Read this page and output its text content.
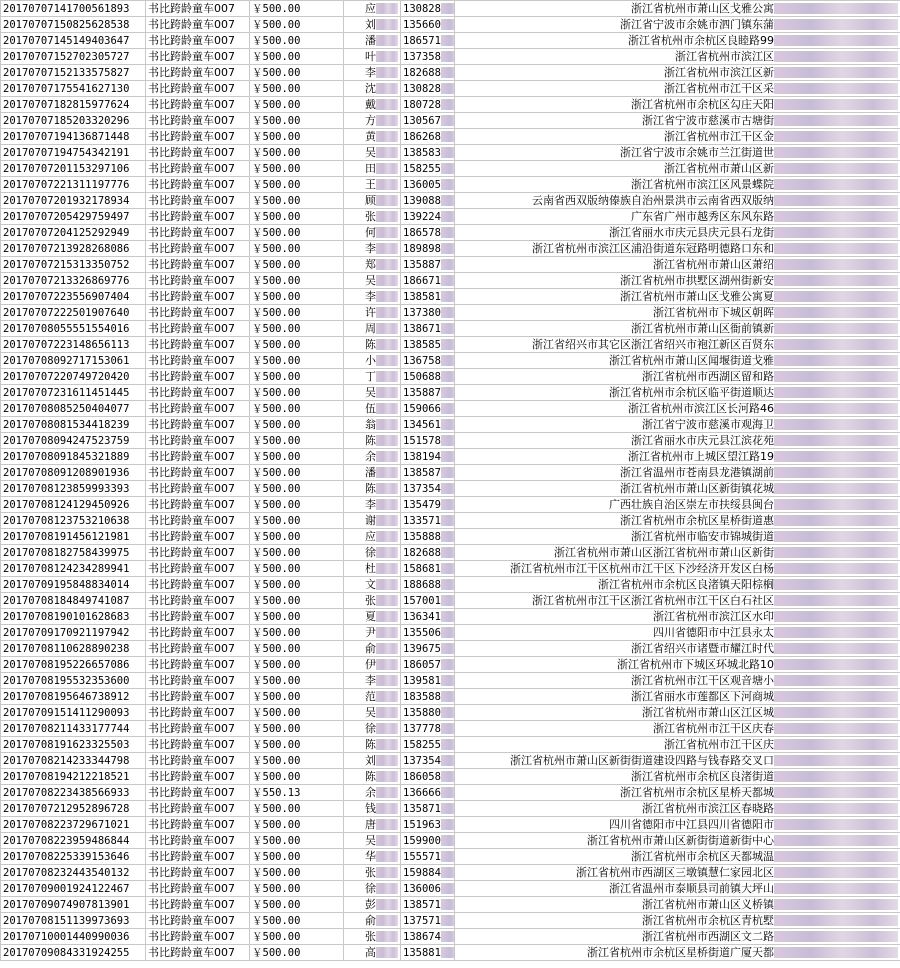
20170707141700561893	书比跨龄童车007	￥500.00	应	130828	浙江省杭州市萧山区戈雅公寓
20170707150825628538	书比跨龄童车007	￥500.00	刘	135660	浙江省宁波市余姚市泗门镇东蒲
20170707145149403647	书比跨龄童车007	￥500.00	潘	186571	浙江省杭州市余杭区良睦路99
20170707152702305727	书比跨龄童车007	￥500.00	叶	137358	浙江省杭州市滨江区
20170707152133575827	书比跨龄童车007	￥500.00	李	182688	浙江省杭州市滨江区新
20170707175541627130	书比跨龄童车007	￥500.00	沈	130828	浙江省杭州市江干区采
20170707182815977624	书比跨龄童车007	￥500.00	戴	180728	浙江省杭州市余杭区勾庄天阳
20170707185203320296	书比跨龄童车007	￥500.00	方	130567	浙江省宁波市慈溪市古塘街
20170707194136871448	书比跨龄童车007	￥500.00	黄	186268	浙江省杭州市江干区金
20170707194754342191	书比跨龄童车007	￥500.00	吴	138583	浙江省宁波市余姚市兰江街道世
20170707201153297106	书比跨龄童车007	￥500.00	田	158255	浙江省杭州市萧山区新
20170707221311197776	书比跨龄童车007	￥500.00	王	136005	浙江省杭州市滨江区风景蝶院
20170707201932178934	书比跨龄童车007	￥500.00	顾	139088	云南省西双版纳傣族自治州景洪市云南省西双版纳
20170707205429759497	书比跨龄童车007	￥500.00	张	139224	广东省广州市越秀区东风东路
20170707204125292949	书比跨龄童车007	￥500.00	何	186578	浙江省丽水市庆元县庆元县石龙街
20170707213928268086	书比跨龄童车007	￥500.00	李	189898	浙江省杭州市滨江区浦沿街道东冠路明德路口东和
20170707215313350752	书比跨龄童车007	￥500.00	郑	135887	浙江省杭州市萧山区萧绍
20170707213326869776	书比跨龄童车007	￥500.00	吴	186671	浙江省杭州市拱墅区湖州街新安
20170707223556907404	书比跨龄童车007	￥500.00	李	138581	浙江省杭州市萧山区戈雅公寓夏
20170707222501907640	书比跨龄童车007	￥500.00	许	137380	浙江省杭州市下城区朝晖
20170708055551554016	书比跨龄童车007	￥500.00	周	138671	浙江省杭州市萧山区衙前镇新
20170707223148656113	书比跨龄童车007	￥500.00	陈	138585	浙江省绍兴市其它区浙江省绍兴市袍江新区百贤东
20170708092717153061	书比跨龄童车007	￥500.00	小	136758	浙江省杭州市萧山区闻堰街道戈雅
20170707220749720420	书比跨龄童车007	￥500.00	丁	150688	浙江省杭州市西湖区留和路
20170707231611451445	书比跨龄童车007	￥500.00	吴	135887	浙江省杭州市余杭区临平街道顺达
20170708085250404077	书比跨龄童车007	￥500.00	伍	159066	浙江省杭州市滨江区长河路46
20170708081534418239	书比跨龄童车007	￥500.00	翁	134561	浙江省宁波市慈溪市观海卫
20170708094247523759	书比跨龄童车007	￥500.00	陈	151578	浙江省丽水市庆元县江滨花苑
20170708091845321889	书比跨龄童车007	￥500.00	余	138194	浙江省杭州市上城区望江路19
20170708091208901936	书比跨龄童车007	￥500.00	潘	138587	浙江省温州市苍南县龙港镇湖前
20170708123859993393	书比跨龄童车007	￥500.00	陈	137354	浙江省杭州市萧山区新街镇花城
20170708124129450926	书比跨龄童车007	￥500.00	李	135479	广西壮族自治区崇左市扶绥县闽台
20170708123753210638	书比跨龄童车007	￥500.00	谢	133571	浙江省杭州市余杭区星桥街道惠
20170708191456121981	书比跨龄童车007	￥500.00	应	135888	浙江省杭州市临安市锦城街道
20170708182758439975	书比跨龄童车007	￥500.00	徐	182688	浙江省杭州市萧山区浙江省杭州市萧山区新街
20170708124234289941	书比跨龄童车007	￥500.00	杜	158681	浙江省杭州市江干区杭州市江干区下沙经济开发区白杨
20170709195848834014	书比跨龄童车007	￥500.00	文	188688	浙江省杭州市余杭区良渚镇天阳棕榈
20170708184849741087	书比跨龄童车007	￥500.00	张	157001	浙江省杭州市江干区浙江省杭州市江干区白石社区
20170708190101628683	书比跨龄童车007	￥500.00	夏	136341	浙江省杭州市滨江区水印
20170709170921197942	书比跨龄童车007	￥500.00	尹	135506	四川省德阳市中江县永太
20170708110628890238	书比跨龄童车007	￥500.00	俞	139675	浙江省绍兴市诸暨市耀江时代
20170708195226657086	书比跨龄童车007	￥500.00	伊	186057	浙江省杭州市下城区环城北路10
20170708195532353600	书比跨龄童车007	￥500.00	李	139581	浙江省杭州市江干区观音塘小
20170708195646738912	书比跨龄童车007	￥500.00	范	183588	浙江省丽水市莲都区下河商城
20170709151411290093	书比跨龄童车007	￥500.00	吴	135880	浙江省杭州市萧山区江区城
20170708211433177744	书比跨龄童车007	￥500.00	徐	137778	浙江省杭州市江干区庆春
20170708191623325503	书比跨龄童车007	￥500.00	陈	158255	浙江省杭州市江干区庆
20170708214233344798	书比跨龄童车007	￥500.00	刘	137354	浙江省杭州市萧山区新街街道建设四路与钱春路交叉口
20170708194212218521	书比跨龄童车007	￥500.00	陈	186058	浙江省杭州市余杭区良渚街道
20170708223438566933	书比跨龄童车007	￥550.13	余	136666	浙江省杭州市余杭区星桥天都城
20170707212952896728	书比跨龄童车007	￥500.00	钱	135871	浙江省杭州市滨江区春晓路
20170708223729671021	书比跨龄童车007	￥500.00	唐	151963	四川省德阳市中江县四川省德阳市
20170708223959486844	书比跨龄童车007	￥500.00	吴	159900	浙江省杭州市萧山区新街街道新街中心
20170708225339153646	书比跨龄童车007	￥500.00	华	155571	浙江省杭州市余杭区天都城温
20170708232443540132	书比跨龄童车007	￥500.00	张	159884	浙江省杭州市西湖区三墩镇慧仁家园北区
20170709001924122467	书比跨龄童车007	￥500.00	徐	136006	浙江省温州市泰顺县司前镇大坪山
20170709074907813901	书比跨龄童车007	￥500.00	彭	138571	浙江省杭州市萧山区义桥镇
20170708151139973693	书比跨龄童车007	￥500.00	俞	137571	浙江省杭州市余杭区青杭墅
20170710001440990036	书比跨龄童车007	￥500.00	张	138674	浙江省杭州市西湖区文二路
20170709084331924255	书比跨龄童车007	￥500.00	高	135881	浙江省杭州市余杭区星桥街道广厦天都
